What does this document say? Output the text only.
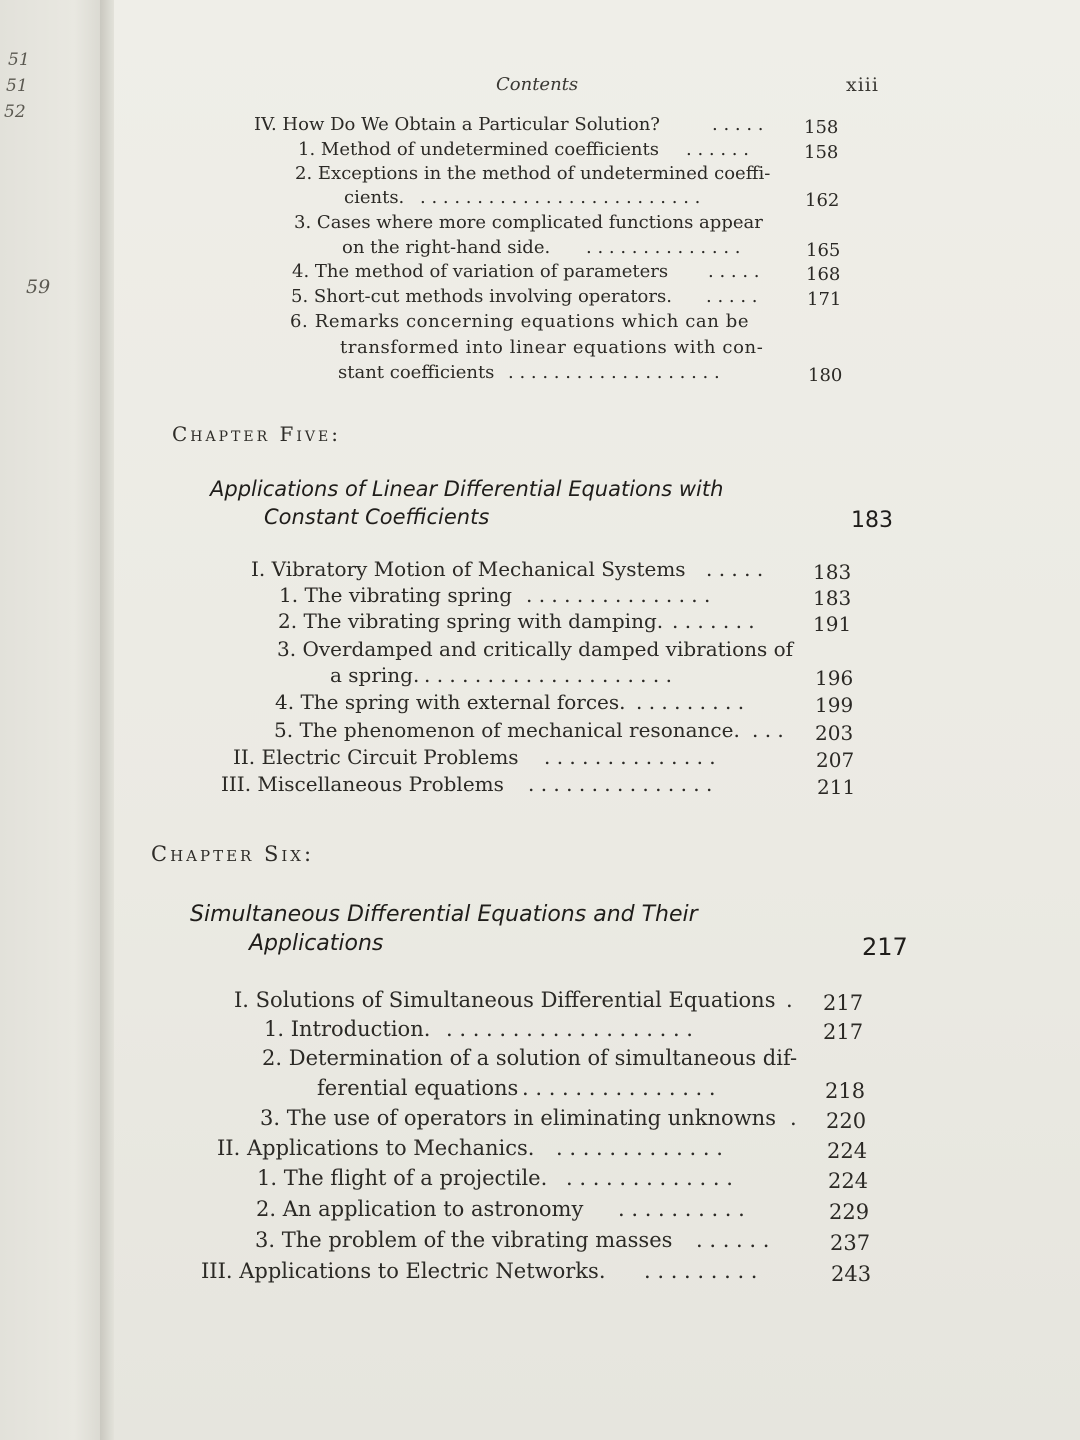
51
51
52
59
Contents	xiii
IV. How Do We Obtain a Particular Solution?	. . . . .	158
1. Method of undetermined coefficients . . . . . .	158
2. Exceptions in the method of undetermined coeffi-
cients. . . . . . . . . . . . . . . . . . . . . . . . . .	162
3. Cases where more complicated functions appear
on the right-hand side. . . . . . . . . . . . . . .	165
4. The method of variation of parameters . . . . .	168
5. Short-cut methods involving operators. . . . . .	171
6. Remarks concerning equations which can be
transformed into linear equations with con-
stant coefficients . . . . . . . . . . . . . . . . . . .	180
Chapter Five:
Applications of Linear Differential Equations with
Constant Coefficients	183
I. Vibratory Motion of Mechanical Systems . . . . .	183
1. The vibrating spring . . . . . . . . . . . . . . .	183
2. The vibrating spring with damping. . . . . . . .	191
3. Overdamped and critically damped vibrations of
a spring. . . . . . . . . . . . . . . . . . . . .	196
4. The spring with external forces. . . . . . . . . .	199
5. The phenomenon of mechanical resonance. . . .	203
II. Electric Circuit Problems . . . . . . . . . . . . . .	207
III. Miscellaneous Problems . . . . . . . . . . . . . . .	211
Chapter Six:
Simultaneous Differential Equations and Their
Applications	217
I. Solutions of Simultaneous Differential Equations .	217
1. Introduction. . . . . . . . . . . . . . . . . . . .	217
2. Determination of a solution of simultaneous dif-
ferential equations . . . . . . . . . . . . . . .	218
3. The use of operators in eliminating unknowns .	220
II. Applications to Mechanics. . . . . . . . . . . . . .	224
1. The flight of a projectile. . . . . . . . . . . . . .	224
2. An application to astronomy . . . . . . . . . .	229
3. The problem of the vibrating masses . . . . . .	237
III. Applications to Electric Networks. . . . . . . . . .	243
